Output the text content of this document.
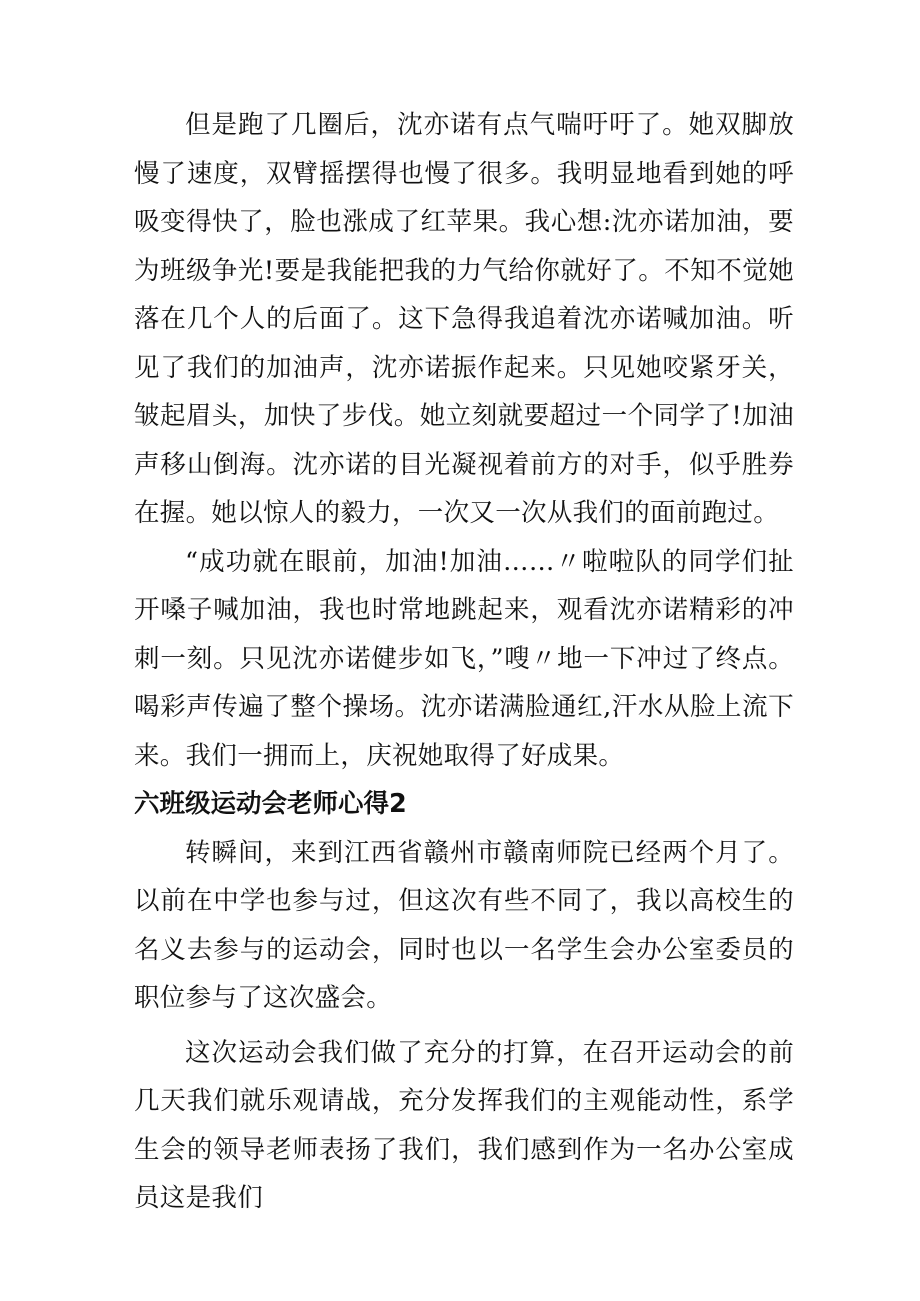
但是跑了几圈后，沈亦诺有点气喘吁吁了。她双脚放慢了速度，双臂摇摆得也慢了很多。我明显地看到她的呼吸变得快了，脸也涨成了红苹果。我心想:沈亦诺加油，要为班级争光!要是我能把我的力气给你就好了。不知不觉她落在几个人的后面了。这下急得我追着沈亦诺喊加油。听见了我们的加油声，沈亦诺振作起来。只见她咬紧牙关，皱起眉头，加快了步伐。她立刻就要超过一个同学了!加油声移山倒海。沈亦诺的目光凝视着前方的对手，似乎胜券在握。她以惊人的毅力，一次又一次从我们的面前跑过。

“成功就在眼前，加油!加油……〃啦啦队的同学们扯开嗓子喊加油，我也时常地跳起来，观看沈亦诺精彩的冲刺一刻。只见沈亦诺健步如飞，”嗖〃地一下冲过了终点。喝彩声传遍了整个操场。沈亦诺满脸通红,汗水从脸上流下来。我们一拥而上，庆祝她取得了好成果。

六班级运动会老师心得2

转瞬间，来到江西省赣州市赣南师院已经两个月了。以前在中学也参与过，但这次有些不同了，我以高校生的名义去参与的运动会，同时也以一名学生会办公室委员的职位参与了这次盛会。

这次运动会我们做了充分的打算，在召开运动会的前几天我们就乐观请战，充分发挥我们的主观能动性，系学生会的领导老师表扬了我们，我们感到作为一名办公室成员这是我们
